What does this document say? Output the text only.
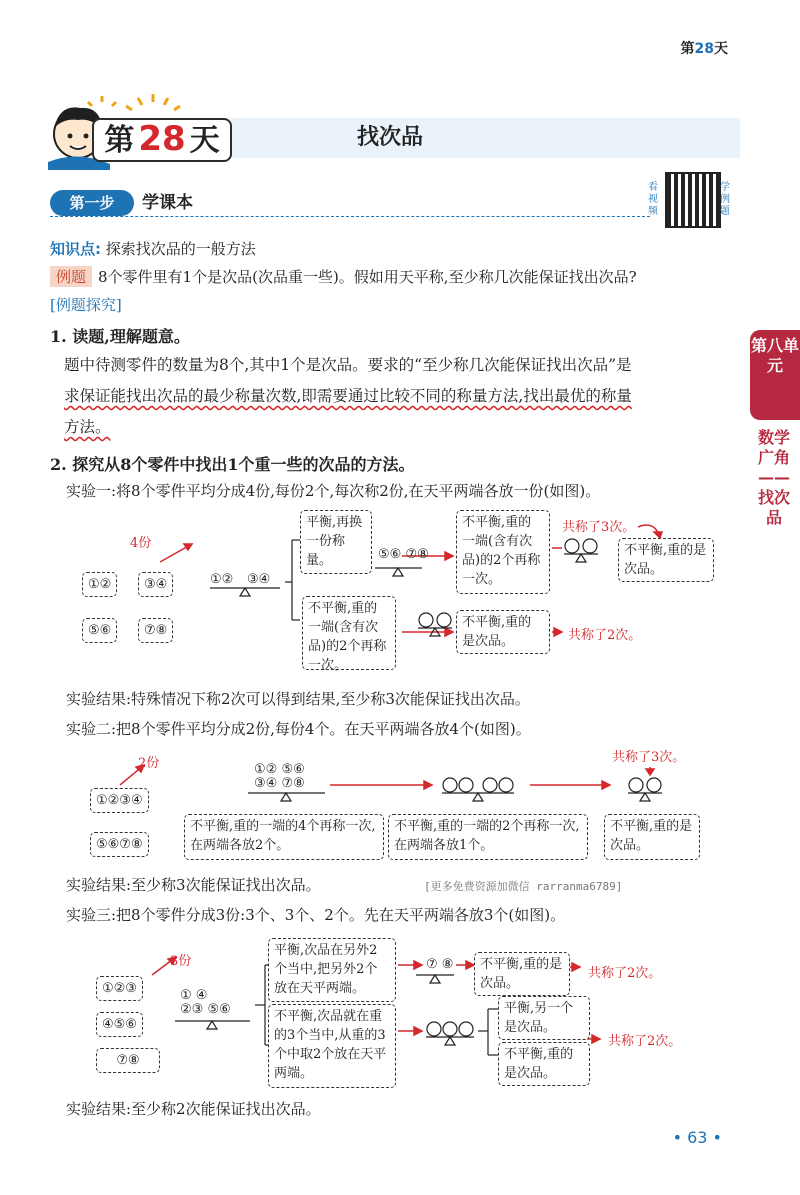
第28天
第 28 天	找次品
第一步	学课本
看视频
学例题
第八单元
数学广角——找次品
知识点: 探索找次品的一般方法
例题 8个零件里有1个是次品(次品重一些)。假如用天平称,至少称几次能保证找出次品?
[例题探究]
1. 读题,理解题意。
题中待测零件的数量为8个,其中1个是次品。要求的“至少称几次能保证找出次品”是
求保证能找出次品的最少称量次数,即需要通过比较不同的称量方法,找出最优的称量
方法。
2. 探究从8个零件中找出1个重一些的次品的方法。
实验一:将8个零件平均分成4份,每份2个,每次称2份,在天平两端各放一份(如图)。
4份
①②	③④
⑤⑥	⑦⑧
①② ③④
平衡,再换一份称量。	⑤⑥ ⑦⑧
不平衡,重的一端(含有次品)的2个再称一次。
共称了3次。
不平衡,重的是次品。
不平衡,重的一端(含有次品)的2个再称一次。
不平衡,重的是次品。	共称了2次。
实验结果:特殊情况下称2次可以得到结果,至少称3次能保证找出次品。
实验二:把8个零件平均分成2份,每份4个。在天平两端各放4个(如图)。
2份
①②③④
⑤⑥⑦⑧
①② ⑤⑥
③④ ⑦⑧
共称了3次。
不平衡,重的一端的4个再称一次,在两端各放2个。
不平衡,重的一端的2个再称一次,在两端各放1个。
不平衡,重的是次品。
实验结果:至少称3次能保证找出次品。	[更多免费资源加微信 rarranma6789]
实验三:把8个零件分成3份:3个、3个、2个。先在天平两端各放3个(如图)。
3份
①②③
④⑤⑥
⑦⑧
① ④
②③ ⑤⑥
平衡,次品在另外2个当中,把另外2个放在天平两端。
⑦ ⑧	不平衡,重的是次品。
共称了2次。
不平衡,次品就在重的3个当中,从重的3个中取2个放在天平两端。
平衡,另一个是次品。
不平衡,重的是次品。
共称了2次。
实验结果:至少称2次能保证找出次品。
• 63 •
